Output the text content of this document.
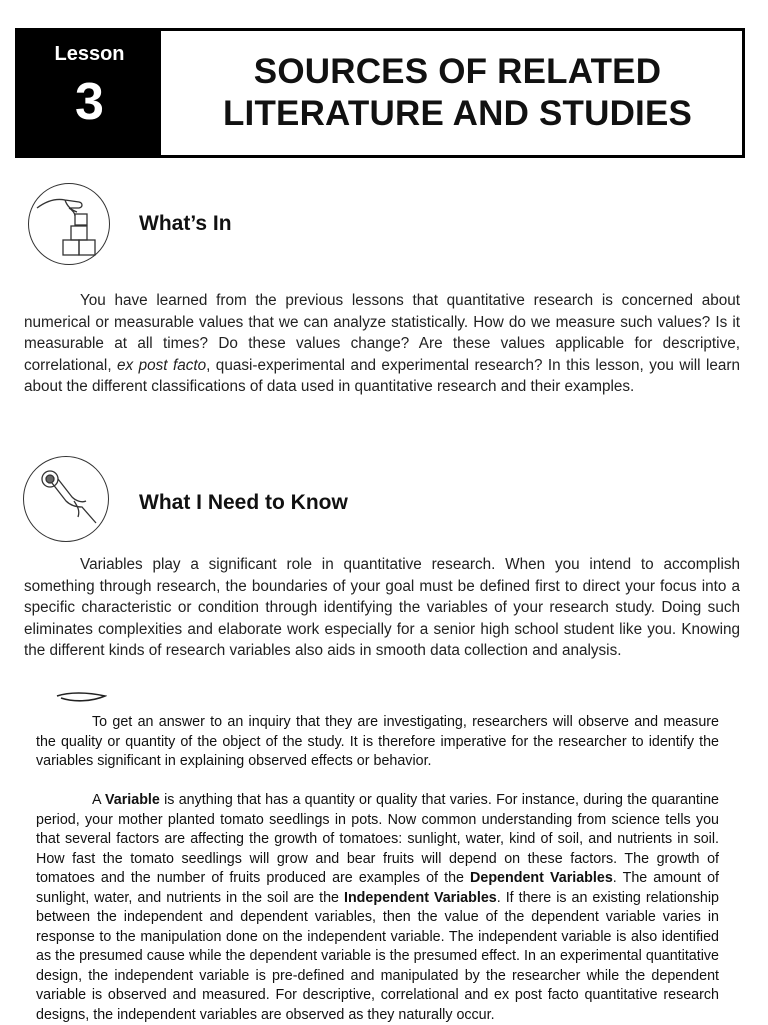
Lesson
3
SOURCES OF RELATED
LITERATURE AND STUDIES
What’s In

You have learned from the previous lessons that quantitative research is concerned about numerical or measurable values that we can analyze statistically. How do we measure such values? Is it measurable at all times? Do these values change? Are these values applicable for descriptive, correlational, ex post facto, quasi-experimental and experimental research? In this lesson, you will learn about the different classifications of data used in quantitative research and their examples.

What I Need to Know

Variables play a significant role in quantitative research. When you intend to accomplish something through research, the boundaries of your goal must be defined first to direct your focus into a specific characteristic or condition through identifying the variables of your research study. Doing such eliminates complexities and elaborate work especially for a senior high school student like you. Knowing the different kinds of research variables also aids in smooth data collection and analysis.

To get an answer to an inquiry that they are investigating, researchers will observe and measure the quality or quantity of the object of the study. It is therefore imperative for the researcher to identify the variables significant in explaining observed effects or behavior.

A Variable is anything that has a quantity or quality that varies. For instance, during the quarantine period, your mother planted tomato seedlings in pots. Now common understanding from science tells you that several factors are affecting the growth of tomatoes: sunlight, water, kind of soil, and nutrients in soil. How fast the tomato seedlings will grow and bear fruits will depend on these factors. The growth of tomatoes and the number of fruits produced are examples of the Dependent Variables. The amount of sunlight, water, and nutrients in the soil are the Independent Variables. If there is an existing relationship between the independent and dependent variables, then the value of the dependent variable varies in response to the manipulation done on the independent variable. The independent variable is also identified as the presumed cause while the dependent variable is the presumed effect. In an experimental quantitative design, the independent variable is pre-defined and manipulated by the researcher while the dependent variable is observed and measured. For descriptive, correlational and ex post facto quantitative research designs, the independent variables are observed as they naturally occur.
